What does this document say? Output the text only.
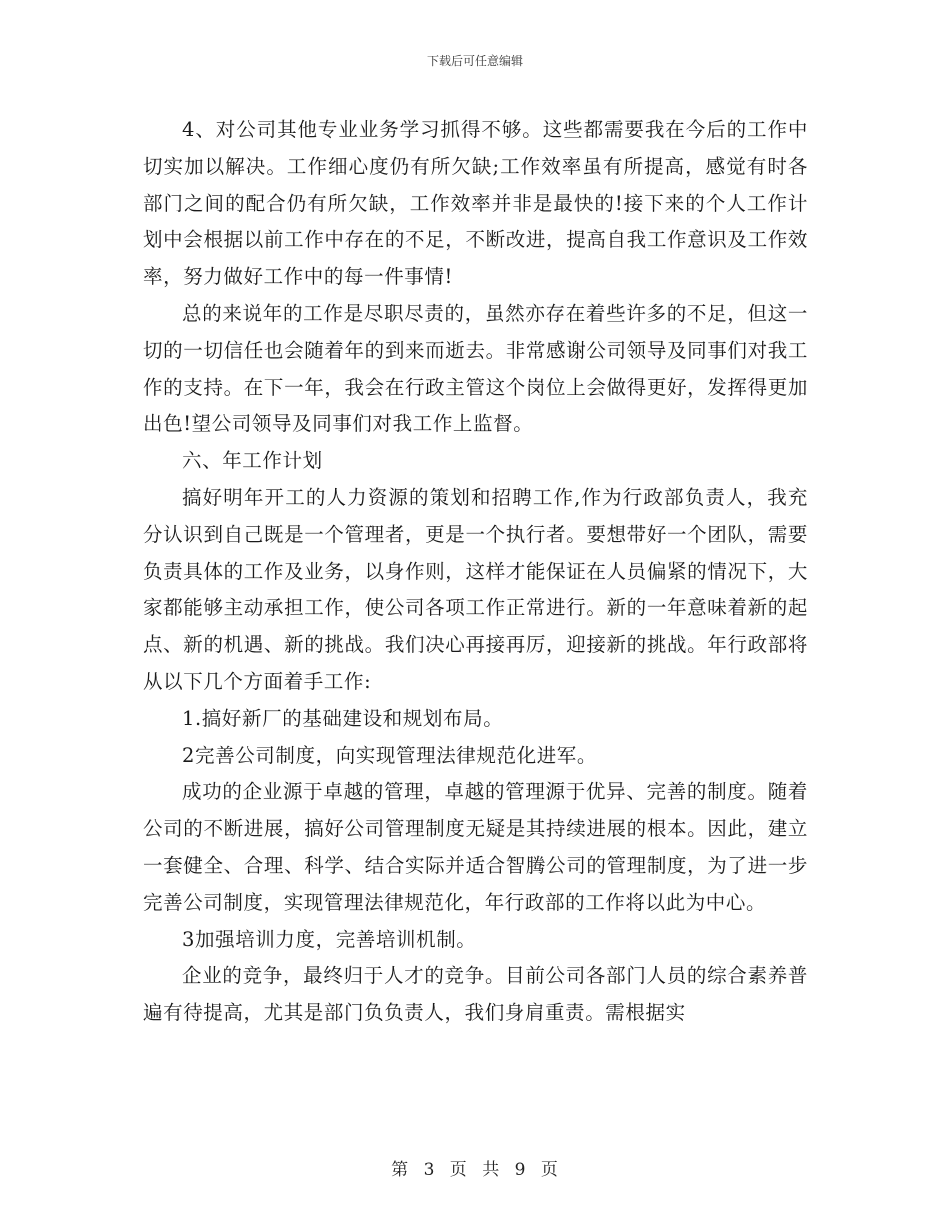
下载后可任意编辑

4、对公司其他专业业务学习抓得不够。这些都需要我在今后的工作中切实加以解决。工作细心度仍有所欠缺;工作效率虽有所提高，感觉有时各部门之间的配合仍有所欠缺，工作效率并非是最快的!接下来的个人工作计划中会根据以前工作中存在的不足，不断改进，提高自我工作意识及工作效率，努力做好工作中的每一件事情!

总的来说年的工作是尽职尽责的，虽然亦存在着些许多的不足，但这一切的一切信任也会随着年的到来而逝去。非常感谢公司领导及同事们对我工作的支持。在下一年，我会在行政主管这个岗位上会做得更好，发挥得更加出色!望公司领导及同事们对我工作上监督。

六、年工作计划

搞好明年开工的人力资源的策划和招聘工作,作为行政部负责人，我充分认识到自己既是一个管理者，更是一个执行者。要想带好一个团队，需要负责具体的工作及业务，以身作则，这样才能保证在人员偏紧的情况下，大家都能够主动承担工作，使公司各项工作正常进行。新的一年意味着新的起点、新的机遇、新的挑战。我们决心再接再厉，迎接新的挑战。年行政部将从以下几个方面着手工作:

1.搞好新厂的基础建设和规划布局。

2完善公司制度，向实现管理法律规范化进军。

成功的企业源于卓越的管理，卓越的管理源于优异、完善的制度。随着公司的不断进展，搞好公司管理制度无疑是其持续进展的根本。因此，建立一套健全、合理、科学、结合实际并适合智腾公司的管理制度，为了进一步完善公司制度，实现管理法律规范化，年行政部的工作将以此为中心。

3加强培训力度，完善培训机制。

企业的竞争，最终归于人才的竞争。目前公司各部门人员的综合素养普遍有待提高，尤其是部门负负责人，我们身肩重责。需根据实

第 3 页 共 9 页
